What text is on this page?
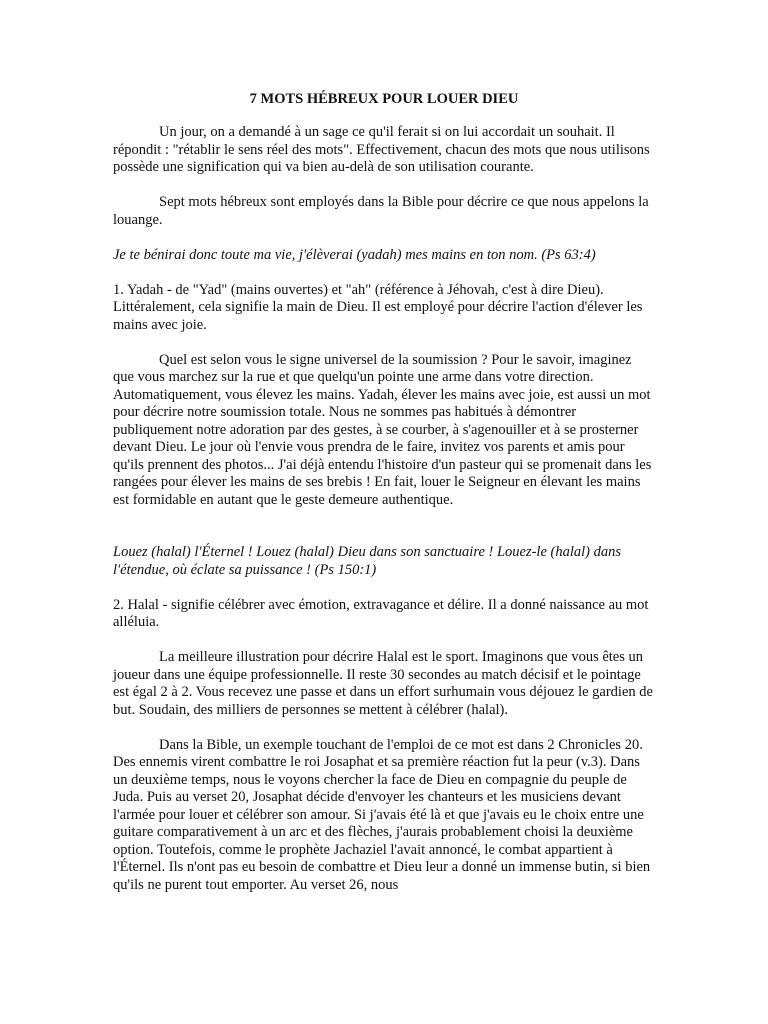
7 MOTS HÉBREUX POUR LOUER DIEU

Un jour, on a demandé à un sage ce qu'il ferait si on lui accordait un souhait. Il répondit : "rétablir le sens réel des mots". Effectivement, chacun des mots que nous utilisons possède une signification qui va bien au-delà de son utilisation courante.

Sept mots hébreux sont employés dans la Bible pour décrire ce que nous appelons la louange.

Je te bénirai donc toute ma vie, j'élèverai (yadah) mes mains en ton nom. (Ps 63:4)

1. Yadah - de "Yad" (mains ouvertes) et "ah" (référence à Jéhovah, c'est à dire Dieu). Littéralement, cela signifie la main de Dieu. Il est employé pour décrire l'action d'élever les mains avec joie.

Quel est selon vous le signe universel de la soumission ? Pour le savoir, imaginez que vous marchez sur la rue et que quelqu'un pointe une arme dans votre direction. Automatiquement, vous élevez les mains. Yadah, élever les mains avec joie, est aussi un mot pour décrire notre soumission totale. Nous ne sommes pas habitués à démontrer publiquement notre adoration par des gestes, à se courber, à s'agenouiller et à se prosterner devant Dieu. Le jour où l'envie vous prendra de le faire, invitez vos parents et amis pour qu'ils prennent des photos... J'ai déjà entendu l'histoire d'un pasteur qui se promenait dans les rangées pour élever les mains de ses brebis ! En fait, louer le Seigneur en élevant les mains est formidable en autant que le geste demeure authentique.

Louez (halal) l'Éternel ! Louez (halal) Dieu dans son sanctuaire ! Louez-le (halal) dans l'étendue, où éclate sa puissance ! (Ps 150:1)

2. Halal - signifie célébrer avec émotion, extravagance et délire. Il a donné naissance au mot alléluia.

La meilleure illustration pour décrire Halal est le sport. Imaginons que vous êtes un joueur dans une équipe professionnelle. Il reste 30 secondes au match décisif et le pointage est égal 2 à 2. Vous recevez une passe et dans un effort surhumain vous déjouez le gardien de but. Soudain, des milliers de personnes se mettent à célébrer (halal).

Dans la Bible, un exemple touchant de l'emploi de ce mot est dans 2 Chronicles 20. Des ennemis virent combattre le roi Josaphat et sa première réaction fut la peur (v.3). Dans un deuxième temps, nous le voyons chercher la face de Dieu en compagnie du peuple de Juda. Puis au verset 20, Josaphat décide d'envoyer les chanteurs et les musiciens devant l'armée pour louer et célébrer son amour. Si j'avais été là et que j'avais eu le choix entre une guitare comparativement à un arc et des flèches, j'aurais probablement choisi la deuxième option. Toutefois, comme le prophète Jachaziel l'avait annoncé, le combat appartient à l'Éternel. Ils n'ont pas eu besoin de combattre et Dieu leur a donné un immense butin, si bien qu'ils ne purent tout emporter. Au verset 26, nous
